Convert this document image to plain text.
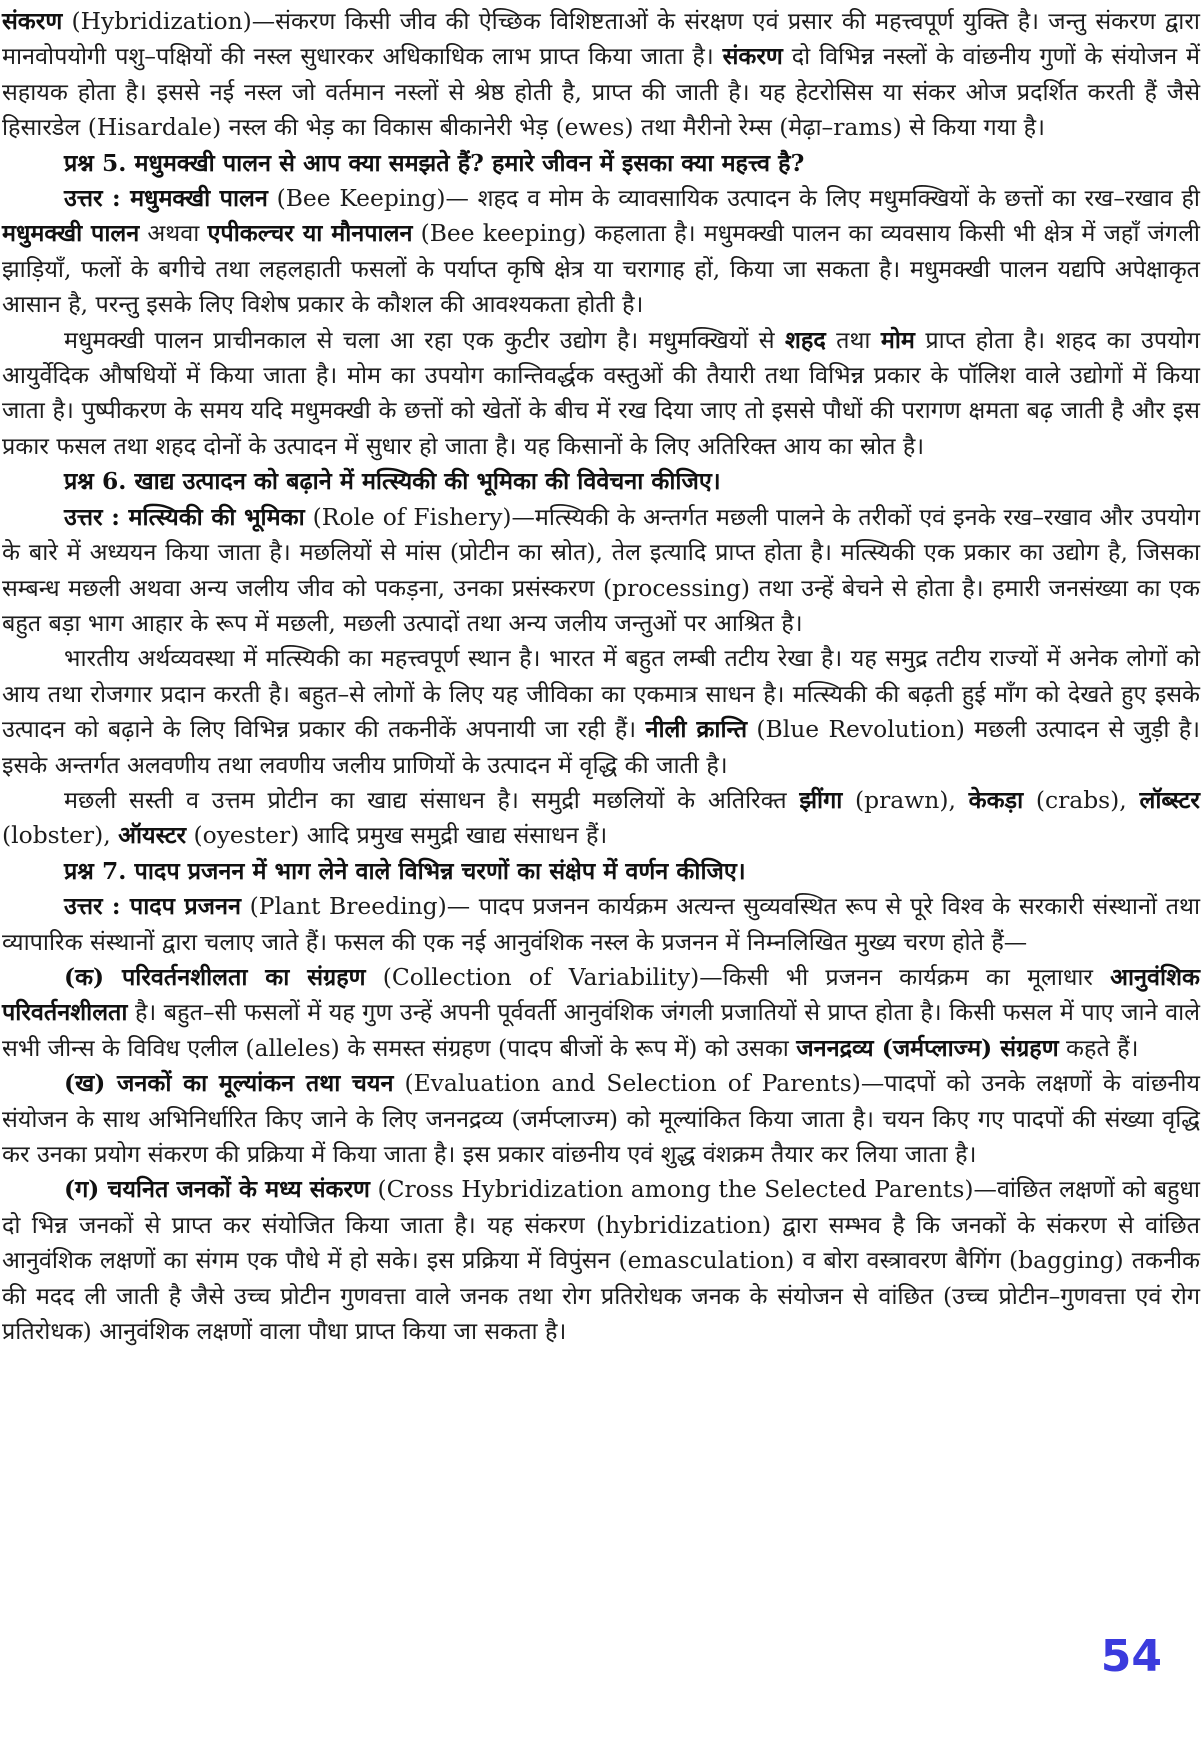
संकरण (Hybridization)—संकरण किसी जीव की ऐच्छिक विशिष्टताओं के संरक्षण एवं प्रसार की महत्त्वपूर्ण युक्ति है। जन्तु संकरण द्वारा मानवोपयोगी पशु–पक्षियों की नस्ल सुधारकर अधिकाधिक लाभ प्राप्त किया जाता है। संकरण दो विभिन्न नस्लों के वांछनीय गुणों के संयोजन में सहायक होता है। इससे नई नस्ल जो वर्तमान नस्लों से श्रेष्ठ होती है, प्राप्त की जाती है। यह हेटरोसिस या संकर ओज प्रदर्शित करती हैं जैसे हिसारडेल (Hisardale) नस्ल की भेड़ का विकास बीकानेरी भेड़ (ewes) तथा मैरीनो रेम्स (मेढ़ा–rams) से किया गया है।

प्रश्न 5. मधुमक्खी पालन से आप क्या समझते हैं? हमारे जीवन में इसका क्या महत्त्व है?

उत्तर : मधुमक्खी पालन (Bee Keeping)— शहद व मोम के व्यावसायिक उत्पादन के लिए मधुमक्खियों के छत्तों का रख–रखाव ही मधुमक्खी पालन अथवा एपीकल्चर या मौनपालन (Bee keeping) कहलाता है। मधुमक्खी पालन का व्यवसाय किसी भी क्षेत्र में जहाँ जंगली झाड़ियाँ, फलों के बगीचे तथा लहलहाती फसलों के पर्याप्त कृषि क्षेत्र या चरागाह हों, किया जा सकता है। मधुमक्खी पालन यद्यपि अपेक्षाकृत आसान है, परन्तु इसके लिए विशेष प्रकार के कौशल की आवश्यकता होती है।

मधुमक्खी पालन प्राचीनकाल से चला आ रहा एक कुटीर उद्योग है। मधुमक्खियों से शहद तथा मोम प्राप्त होता है। शहद का उपयोग आयुर्वेदिक औषधियों में किया जाता है। मोम का उपयोग कान्तिवर्द्धक वस्तुओं की तैयारी तथा विभिन्न प्रकार के पॉलिश वाले उद्योगों में किया जाता है। पुष्पीकरण के समय यदि मधुमक्खी के छत्तों को खेतों के बीच में रख दिया जाए तो इससे पौधों की परागण क्षमता बढ़ जाती है और इस प्रकार फसल तथा शहद दोनों के उत्पादन में सुधार हो जाता है। यह किसानों के लिए अतिरिक्त आय का स्रोत है।

प्रश्न 6. खाद्य उत्पादन को बढ़ाने में मत्स्यिकी की भूमिका की विवेचना कीजिए।

उत्तर : मत्स्यिकी की भूमिका (Role of Fishery)—मत्स्यिकी के अन्तर्गत मछली पालने के तरीकों एवं इनके रख–रखाव और उपयोग के बारे में अध्ययन किया जाता है। मछलियों से मांस (प्रोटीन का स्रोत), तेल इत्यादि प्राप्त होता है। मत्स्यिकी एक प्रकार का उद्योग है, जिसका सम्बन्ध मछली अथवा अन्य जलीय जीव को पकड़ना, उनका प्रसंस्करण (processing) तथा उन्हें बेचने से होता है। हमारी जनसंख्या का एक बहुत बड़ा भाग आहार के रूप में मछली, मछली उत्पादों तथा अन्य जलीय जन्तुओं पर आश्रित है।

भारतीय अर्थव्यवस्था में मत्स्यिकी का महत्त्वपूर्ण स्थान है। भारत में बहुत लम्बी तटीय रेखा है। यह समुद्र तटीय राज्यों में अनेक लोगों को आय तथा रोजगार प्रदान करती है। बहुत–से लोगों के लिए यह जीविका का एकमात्र साधन है। मत्स्यिकी की बढ़ती हुई माँग को देखते हुए इसके उत्पादन को बढ़ाने के लिए विभिन्न प्रकार की तकनीकें अपनायी जा रही हैं। नीली क्रान्ति (Blue Revolution) मछली उत्पादन से जुड़ी है। इसके अन्तर्गत अलवणीय तथा लवणीय जलीय प्राणियों के उत्पादन में वृद्धि की जाती है।

मछली सस्ती व उत्तम प्रोटीन का खाद्य संसाधन है। समुद्री मछलियों के अतिरिक्त झींगा (prawn), केकड़ा (crabs), लॉब्स्टर (lobster), ऑयस्टर (oyester) आदि प्रमुख समुद्री खाद्य संसाधन हैं।

प्रश्न 7. पादप प्रजनन में भाग लेने वाले विभिन्न चरणों का संक्षेप में वर्णन कीजिए।

उत्तर : पादप प्रजनन (Plant Breeding)— पादप प्रजनन कार्यक्रम अत्यन्त सुव्यवस्थित रूप से पूरे विश्व के सरकारी संस्थानों तथा व्यापारिक संस्थानों द्वारा चलाए जाते हैं। फसल की एक नई आनुवंशिक नस्ल के प्रजनन में निम्नलिखित मुख्य चरण होते हैं—

(क) परिवर्तनशीलता का संग्रहण (Collection of Variability)—किसी भी प्रजनन कार्यक्रम का मूलाधार आनुवंशिक परिवर्तनशीलता है। बहुत–सी फसलों में यह गुण उन्हें अपनी पूर्ववर्ती आनुवंशिक जंगली प्रजातियों से प्राप्त होता है। किसी फसल में पाए जाने वाले सभी जीन्स के विविध एलील (alleles) के समस्त संग्रहण (पादप बीजों के रूप में) को उसका जननद्रव्य (जर्मप्लाज्म) संग्रहण कहते हैं।

(ख) जनकों का मूल्यांकन तथा चयन (Evaluation and Selection of Parents)—पादपों को उनके लक्षणों के वांछनीय संयोजन के साथ अभिनिर्धारित किए जाने के लिए जननद्रव्य (जर्मप्लाज्म) को मूल्यांकित किया जाता है। चयन किए गए पादपों की संख्या वृद्धि कर उनका प्रयोग संकरण की प्रक्रिया में किया जाता है। इस प्रकार वांछनीय एवं शुद्ध वंशक्रम तैयार कर लिया जाता है।

(ग) चयनित जनकों के मध्य संकरण (Cross Hybridization among the Selected Parents)—वांछित लक्षणों को बहुधा दो भिन्न जनकों से प्राप्त कर संयोजित किया जाता है। यह संकरण (hybridization) द्वारा सम्भव है कि जनकों के संकरण से वांछित आनुवंशिक लक्षणों का संगम एक पौधे में हो सके। इस प्रक्रिया में विपुंसन (emasculation) व बोरा वस्त्रावरण बैगिंग (bagging) तकनीक की मदद ली जाती है जैसे उच्च प्रोटीन गुणवत्ता वाले जनक तथा रोग प्रतिरोधक जनक के संयोजन से वांछित (उच्च प्रोटीन–गुणवत्ता एवं रोग प्रतिरोधक) आनुवंशिक लक्षणों वाला पौधा प्राप्त किया जा सकता है।

54
